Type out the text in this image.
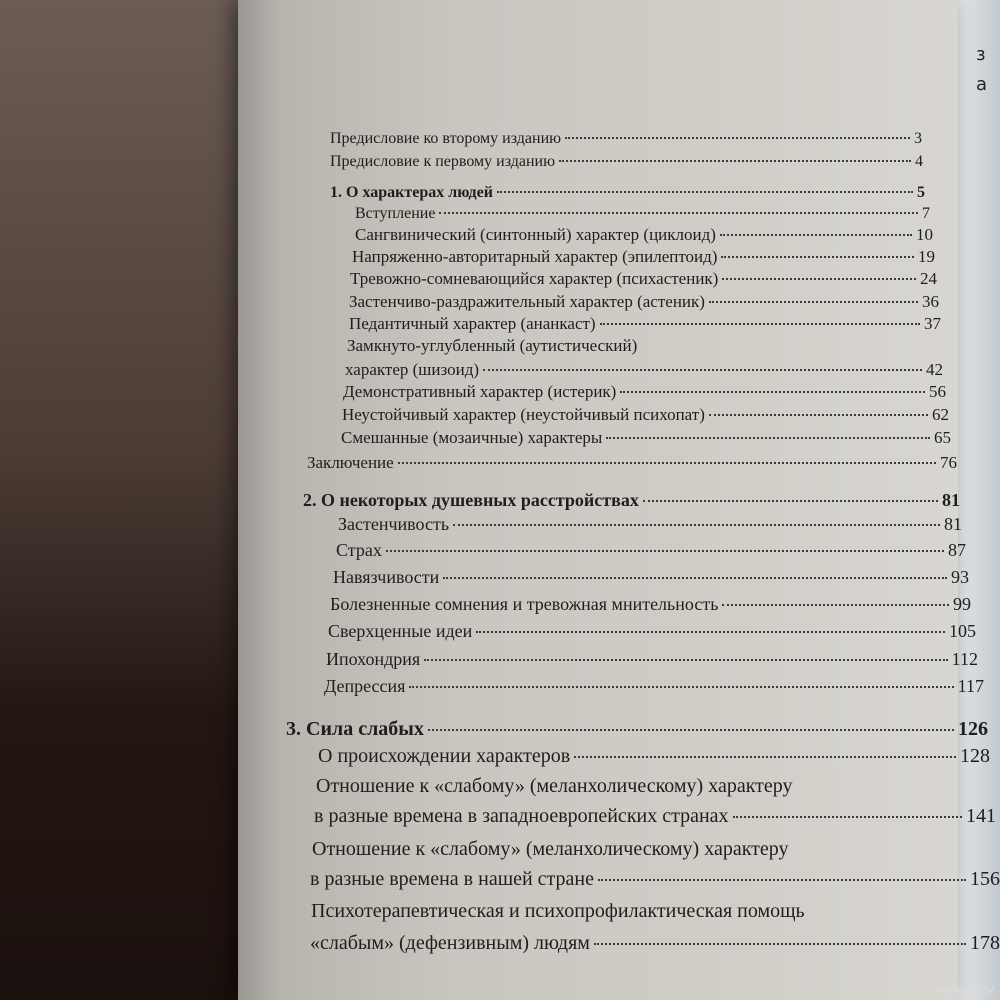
з
а
Предисловие ко второму изданию	3
Предисловие к первому изданию	4
1. О характерах людей	5
Вступление	7
Сангвинический (синтонный) характер (циклоид)	10
Напряженно-авторитарный характер (эпилептоид)	19
Тревожно-сомневающийся характер (психастеник)	24
Застенчиво-раздражительный характер (астеник)	36
Педантичный характер (ананкаст)	37
Замкнуто-углубленный (аутистический)
характер (шизоид)	42
Демонстративный характер (истерик)	56
Неустойчивый характер (неустойчивый психопат)	62
Смешанные (мозаичные) характеры	65
Заключение	76
2. О некоторых душевных расстройствах	81
Застенчивость	81
Страх	87
Навязчивости	93
Болезненные сомнения и тревожная мнительность	99
Сверхценные идеи	105
Ипохондрия	112
Депрессия	117
3. Сила слабых	126
О происхождении характеров	128
Отношение к «слабому» (меланхолическому) характеру
в разные времена в западноевропейских странах	141
Отношение к «слабому» (меланхолическому) характеру
в разные времена в нашей стране	156
Психотерапевтическая и психопрофилактическая помощь
«слабым» (дефензивным) людям	178
www.ay.by
